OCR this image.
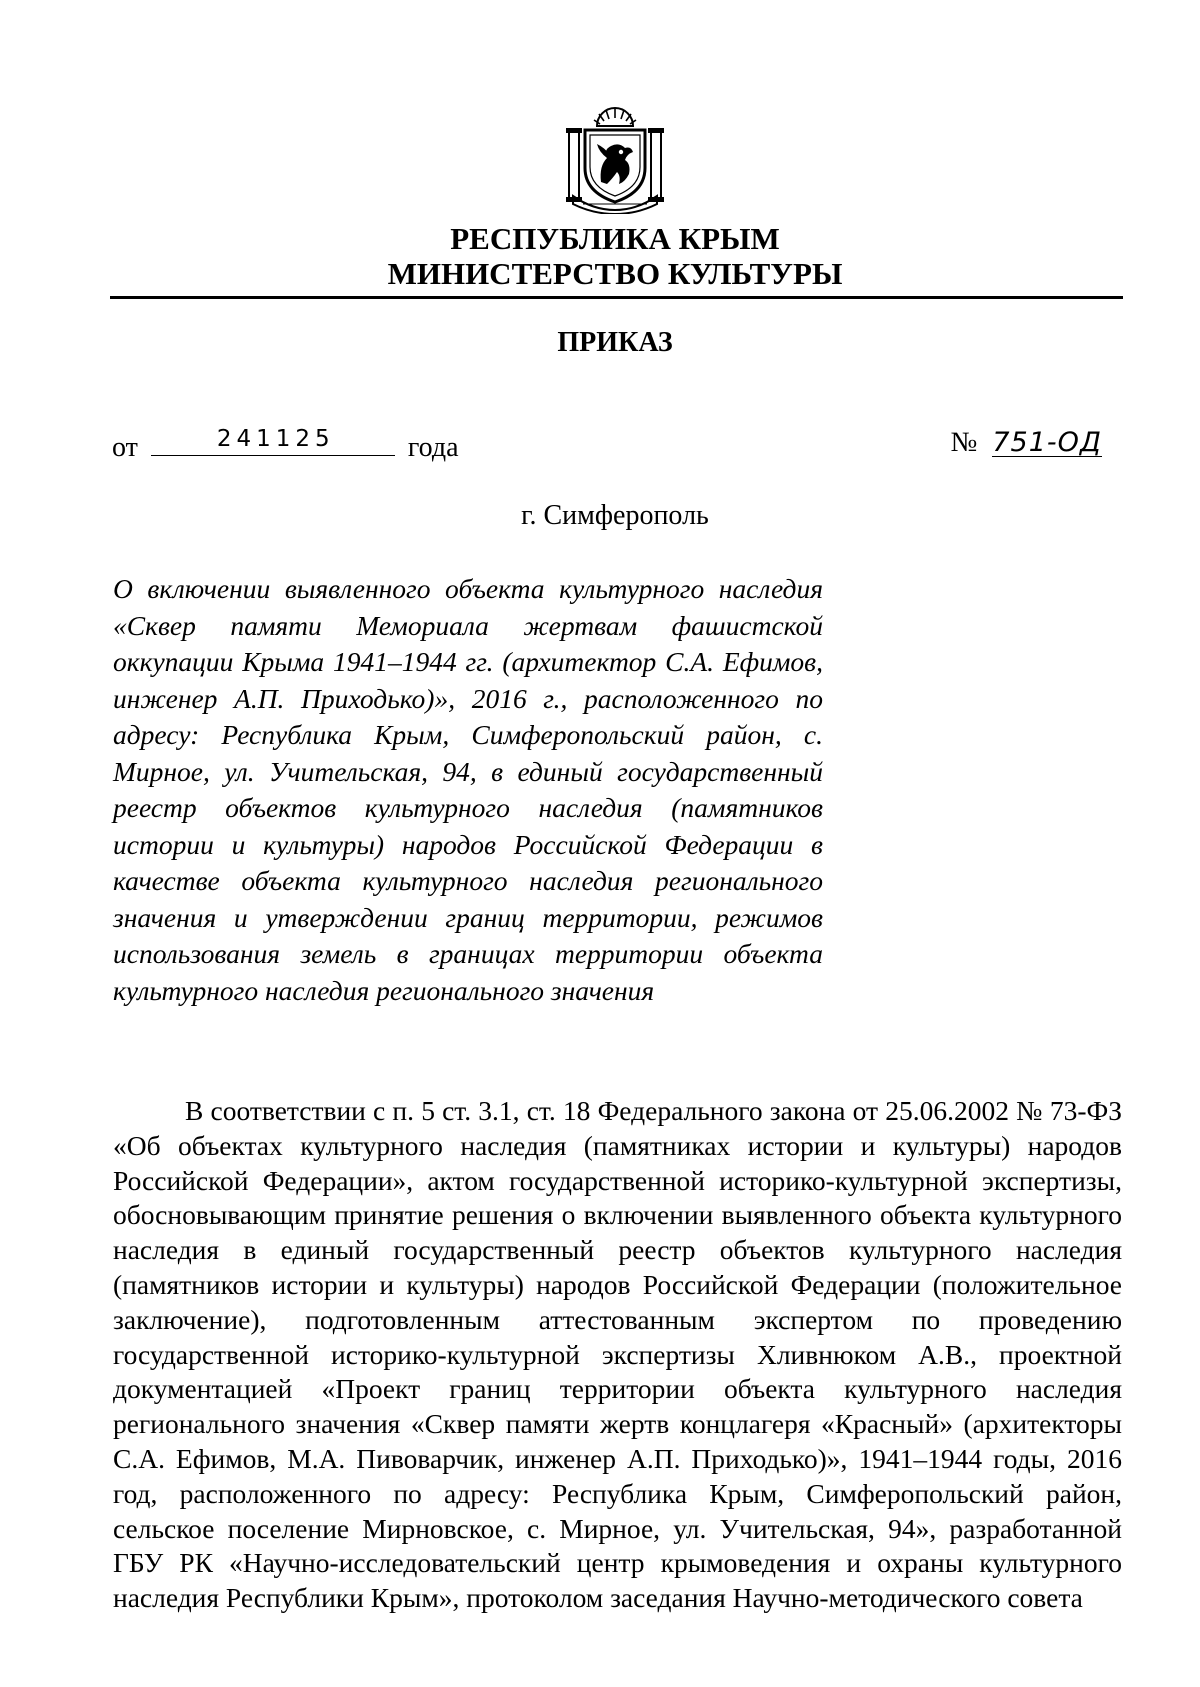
РЕСПУБЛИКА КРЫМ
МИНИСТЕРСТВО КУЛЬТУРЫ
ПРИКАЗ
от	241125	года	№ 751-ОД
г. Симферополь
О включении выявленного объекта культурного наследия «Сквер памяти Мемориала жертвам фашистской оккупации Крыма 1941–1944 гг. (архитектор С.А. Ефимов, инженер А.П. Приходько)», 2016 г., расположенного по адресу: Республика Крым, Симферопольский район, с. Мирное, ул. Учительская, 94, в единый государственный реестр объектов культурного наследия (памятников истории и культуры) народов Российской Федерации в качестве объекта культурного наследия регионального значения и утверждении границ территории, режимов использования земель в границах территории объекта культурного наследия регионального значения
В соответствии с п. 5 ст. 3.1, ст. 18 Федерального закона от 25.06.2002 № 73-ФЗ «Об объектах культурного наследия (памятниках истории и культуры) народов Российской Федерации», актом государственной историко-культурной экспертизы, обосновывающим принятие решения о включении выявленного объекта культурного наследия в единый государственный реестр объектов культурного наследия (памятников истории и культуры) народов Российской Федерации (положительное заключение), подготовленным аттестованным экспертом по проведению государственной историко-культурной экспертизы Хливнюком А.В., проектной документацией «Проект границ территории объекта культурного наследия регионального значения «Сквер памяти жертв концлагеря «Красный» (архитекторы С.А. Ефимов, М.А. Пивоварчик, инженер А.П. Приходько)», 1941–1944 годы, 2016 год, расположенного по адресу: Республика Крым, Симферопольский район, сельское поселение Мирновское, с. Мирное, ул. Учительская, 94», разработанной ГБУ РК «Научно-исследовательский центр крымоведения и охраны культурного наследия Республики Крым», протоколом заседания Научно-методического совета
